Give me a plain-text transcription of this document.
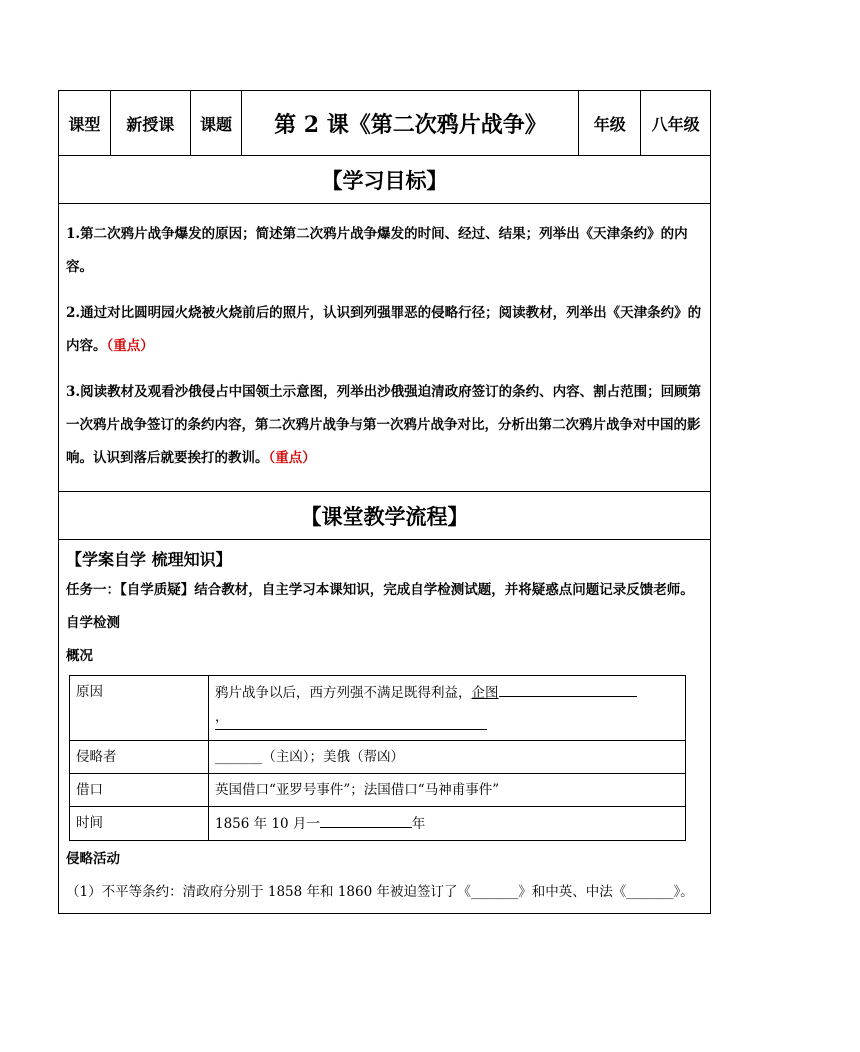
课型	新授课	课题	第 2 课《第二次鸦片战争》	年级	八年级
【学习目标】

1.第二次鸦片战争爆发的原因；简述第二次鸦片战争爆发的时间、经过、结果；列举出《天津条约》的内容。

2.通过对比圆明园火烧被火烧前后的照片，认识到列强罪恶的侵略行径；阅读教材，列举出《天津条约》的内容。（重点）

3.阅读教材及观看沙俄侵占中国领土示意图，列举出沙俄强迫清政府签订的条约、内容、割占范围；回顾第一次鸦片战争签订的条约内容，第二次鸦片战争与第一次鸦片战争对比，分析出第二次鸦片战争对中国的影响。认识到落后就要挨打的教训。（重点）

【课堂教学流程】
【学案自学 梳理知识】
任务一：【自学质疑】结合教材，自主学习本课知识，完成自学检测试题，并将疑惑点问题记录反馈老师。
自学检测
概况
原因	鸦片战争以后，西方列强不满足既得利益，企图
，
侵略者	_______（主凶）；美俄（帮凶）
借口	英国借口“亚罗号事件”；法国借口“马神甫事件”
时间	1856 年 10 月一 年
侵略活动
（1）不平等条约：清政府分别于 1858 年和 1860 年被迫签订了《_______》和中英、中法《_______》。
